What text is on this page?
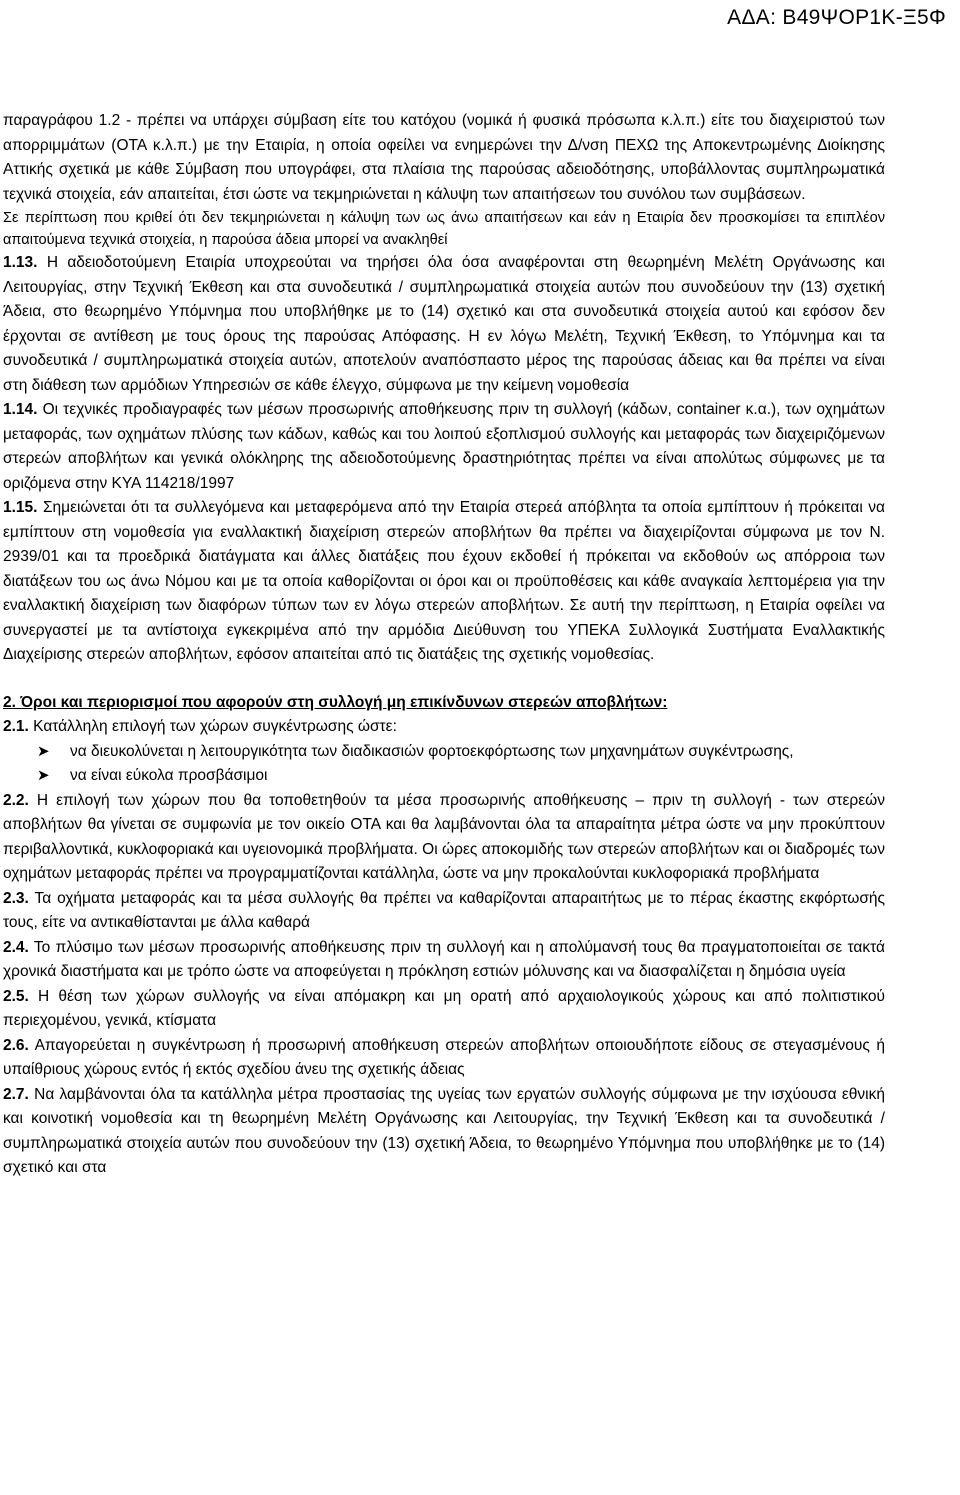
ΑΔΑ: Β49ΨΟΡ1Κ-Ξ5Φ

παραγράφου 1.2 - πρέπει να υπάρχει σύμβαση είτε του κατόχου (νομικά ή φυσικά πρόσωπα κ.λ.π.) είτε του διαχειριστού των απορριμμάτων (ΟΤΑ κ.λ.π.) με την Εταιρία, η οποία οφείλει να ενημερώνει την Δ/νση ΠΕΧΩ της Αποκεντρωμένης Διοίκησης Αττικής σχετικά με κάθε Σύμβαση που υπογράφει, στα πλαίσια της παρούσας αδειοδότησης, υποβάλλοντας συμπληρωματικά τεχνικά στοιχεία, εάν απαιτείται, έτσι ώστε να τεκμηριώνεται η κάλυψη των απαιτήσεων του συνόλου των συμβάσεων.

Σε περίπτωση που κριθεί ότι δεν τεκμηριώνεται η κάλυψη των ως άνω απαιτήσεων και εάν η Εταιρία δεν προσκομίσει τα επιπλέον απαιτούμενα τεχνικά στοιχεία, η παρούσα άδεια μπορεί να ανακληθεί

1.13. Η αδειοδοτούμενη Εταιρία υποχρεούται να τηρήσει όλα όσα αναφέρονται στη θεωρημένη Μελέτη Οργάνωσης και Λειτουργίας, στην Τεχνική Έκθεση και στα συνοδευτικά / συμπληρωματικά στοιχεία αυτών που συνοδεύουν την (13) σχετική Άδεια, στο θεωρημένο Υπόμνημα που υποβλήθηκε με το (14) σχετικό και στα συνοδευτικά στοιχεία αυτού και εφόσον δεν έρχονται σε αντίθεση με τους όρους της παρούσας Απόφασης. Η εν λόγω Μελέτη, Τεχνική Έκθεση, το Υπόμνημα και τα συνοδευτικά / συμπληρωματικά στοιχεία αυτών, αποτελούν αναπόσπαστο μέρος της παρούσας άδειας και θα πρέπει να είναι στη διάθεση των αρμόδιων Υπηρεσιών σε κάθε έλεγχο, σύμφωνα με την κείμενη νομοθεσία

1.14. Οι τεχνικές προδιαγραφές των μέσων προσωρινής αποθήκευσης πριν τη συλλογή (κάδων, container κ.α.), των οχημάτων μεταφοράς, των οχημάτων πλύσης των κάδων, καθώς και του λοιπού εξοπλισμού συλλογής και μεταφοράς των διαχειριζόμενων στερεών αποβλήτων και γενικά ολόκληρης της αδειοδοτούμενης δραστηριότητας πρέπει να είναι απολύτως σύμφωνες με τα οριζόμενα στην ΚΥΑ 114218/1997

1.15. Σημειώνεται ότι τα συλλεγόμενα και μεταφερόμενα από την Εταιρία στερεά απόβλητα τα οποία εμπίπτουν ή πρόκειται να εμπίπτουν στη νομοθεσία για εναλλακτική διαχείριση στερεών αποβλήτων θα πρέπει να διαχειρίζονται σύμφωνα με τον Ν. 2939/01 και τα προεδρικά διατάγματα και άλλες διατάξεις που έχουν εκδοθεί ή πρόκειται να εκδοθούν ως απόρροια των διατάξεων του ως άνω Νόμου και με τα οποία καθορίζονται οι όροι και οι προϋποθέσεις και κάθε αναγκαία λεπτομέρεια για την εναλλακτική διαχείριση των διαφόρων τύπων των εν λόγω στερεών αποβλήτων. Σε αυτή την περίπτωση, η Εταιρία οφείλει να συνεργαστεί με τα αντίστοιχα εγκεκριμένα από την αρμόδια Διεύθυνση του ΥΠΕΚΑ Συλλογικά Συστήματα Εναλλακτικής Διαχείρισης στερεών αποβλήτων, εφόσον απαιτείται από τις διατάξεις της σχετικής νομοθεσίας.

2. Όροι και περιορισμοί που αφορούν στη συλλογή μη επικίνδυνων στερεών αποβλήτων:

2.1. Κατάλληλη επιλογή των χώρων συγκέντρωσης ώστε:

➤ να διευκολύνεται η λειτουργικότητα των διαδικασιών φορτοεκφόρτωσης των μηχανημάτων συγκέντρωσης,
➤ να είναι εύκολα προσβάσιμοι

2.2. Η επιλογή των χώρων που θα τοποθετηθούν τα μέσα προσωρινής αποθήκευσης – πριν τη συλλογή - των στερεών αποβλήτων θα γίνεται σε συμφωνία με τον οικείο ΟΤΑ και θα λαμβάνονται όλα τα απαραίτητα μέτρα ώστε να μην προκύπτουν περιβαλλοντικά, κυκλοφοριακά και υγειονομικά προβλήματα. Οι ώρες αποκομιδής των στερεών αποβλήτων και οι διαδρομές των οχημάτων μεταφοράς πρέπει να προγραμματίζονται κατάλληλα, ώστε να μην προκαλούνται κυκλοφοριακά προβλήματα

2.3. Τα οχήματα μεταφοράς και τα μέσα συλλογής θα πρέπει να καθαρίζονται απαραιτήτως με το πέρας έκαστης εκφόρτωσής τους, είτε να αντικαθίστανται με άλλα καθαρά

2.4. Το πλύσιμο των μέσων προσωρινής αποθήκευσης πριν τη συλλογή και η απολύμανσή τους θα πραγματοποιείται σε τακτά χρονικά διαστήματα και με τρόπο ώστε να αποφεύγεται η πρόκληση εστιών μόλυνσης και να διασφαλίζεται η δημόσια υγεία

2.5. Η θέση των χώρων συλλογής να είναι απόμακρη και μη ορατή από αρχαιολογικούς χώρους και από πολιτιστικού περιεχομένου, γενικά, κτίσματα

2.6. Απαγορεύεται η συγκέντρωση ή προσωρινή αποθήκευση στερεών αποβλήτων οποιουδήποτε είδους σε στεγασμένους ή υπαίθριους χώρους εντός ή εκτός σχεδίου άνευ της σχετικής άδειας

2.7. Να λαμβάνονται όλα τα κατάλληλα μέτρα προστασίας της υγείας των εργατών συλλογής σύμφωνα με την ισχύουσα εθνική και κοινοτική νομοθεσία και τη θεωρημένη Μελέτη Οργάνωσης και Λειτουργίας, την Τεχνική Έκθεση και τα συνοδευτικά / συμπληρωματικά στοιχεία αυτών που συνοδεύουν την (13) σχετική Άδεια, το θεωρημένο Υπόμνημα που υποβλήθηκε με το (14) σχετικό και στα
